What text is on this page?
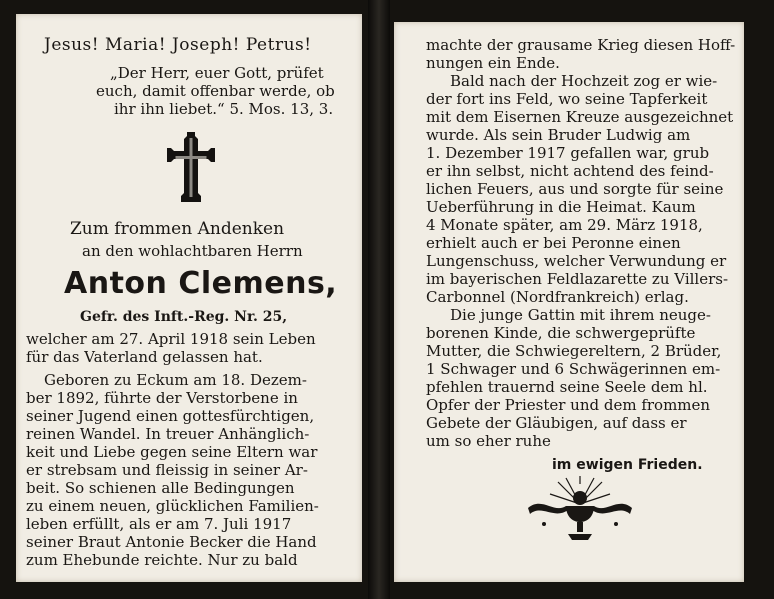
Jesus! Maria! Joseph! Petrus!
„Der Herr, euer Gott, prüfet
euch, damit offenbar werde, ob
ihr ihn liebet.“ 5. Mos. 13, 3.
Zum frommen Andenken
an den wohlachtbaren Herrn
Anton Clemens,
Gefr. des Inft.-Reg. Nr. 25,
welcher am 27. April 1918 sein Leben
für das Vaterland gelassen hat.
Geboren zu Eckum am 18. Dezem-
ber 1892, führte der Verstorbene in
seiner Jugend einen gottesfürchtigen,
reinen Wandel. In treuer Anhänglich-
keit und Liebe gegen seine Eltern war
er strebsam und fleissig in seiner Ar-
beit. So schienen alle Bedingungen
zu einem neuen, glücklichen Familien-
leben erfüllt, als er am 7. Juli 1917
seiner Braut Antonie Becker die Hand
zum Ehebunde reichte. Nur zu bald
machte der grausame Krieg diesen Hoff-
nungen ein Ende.
Bald nach der Hochzeit zog er wie-
der fort ins Feld, wo seine Tapferkeit
mit dem Eisernen Kreuze ausgezeichnet
wurde. Als sein Bruder Ludwig am
1. Dezember 1917 gefallen war, grub
er ihn selbst, nicht achtend des feind-
lichen Feuers, aus und sorgte für seine
Ueberführung in die Heimat. Kaum
4 Monate später, am 29. März 1918,
erhielt auch er bei Peronne einen
Lungenschuss, welcher Verwundung er
im bayerischen Feldlazarette zu Villers-
Carbonnel (Nordfrankreich) erlag.
Die junge Gattin mit ihrem neuge-
borenen Kinde, die schwergeprüfte
Mutter, die Schwiegereltern, 2 Brüder,
1 Schwager und 6 Schwägerinnen em-
pfehlen trauernd seine Seele dem hl.
Opfer der Priester und dem frommen
Gebete der Gläubigen, auf dass er
um so eher ruhe
im ewigen Frieden.
